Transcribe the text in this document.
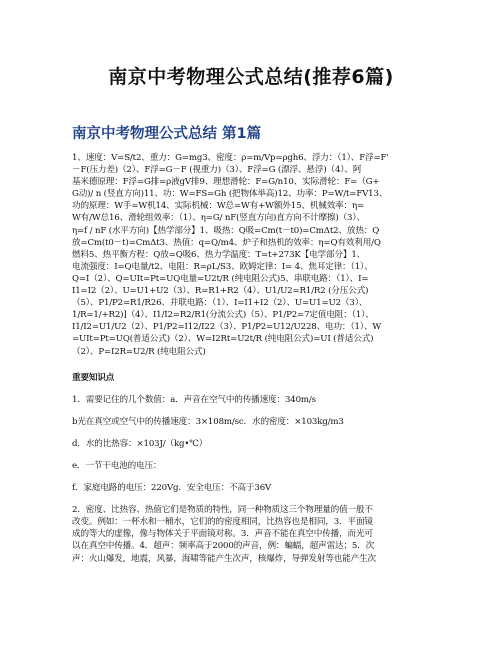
南京中考物理公式总结(推荐6篇)
南京中考物理公式总结 第1篇

1、速度：V=S/t2、重力：G=mg3、密度：ρ=m/Vp=ρgh6、浮力：（1）、F浮=F'

－F(压力差)（2）、F浮=G－F (视重力)（3）、F浮=G (漂浮、悬浮)（4）、阿

基米德原理：F浮=G排=ρ液gV排9、理想滑轮：F=G/n10、实际滑轮：F=（G+

G动)/ n (竖直方向)11、功：W=FS=Gh (把物体举高)12、功率：P=W/t=FV13、

功的原理：W手=W机14、实际机械：W总=W有+W额外15、机械效率：η=

W有/W总16、滑轮组效率：（1）、η=G/ nF(竖直方向)直方向不计摩擦)（3）、

η=f / nF (水平方向)【热学部分】1、吸热：Q吸=Cm(t－t0)=CmΔt2、放热：Q

放=Cm(t0－t)=CmΔt3、热值：q=Q/m4、炉子和热机的效率：η=Q有效利用/Q

燃料5、热平衡方程：Q放=Q吸6、热力学温度：T=t+273K【电学部分】1、

电流强度：I=Q电量/t2、电阻：R=ρL/S3、欧姆定律：I= 4、焦耳定律：（1）、

Q=I（2）、Q=UIt=Pt=UQ电量=U2t/R (纯电阻公式)5、串联电路：（1）、I=

I1=I2（2）、U=U1+U2（3）、R=R1+R2（4）、U1/U2=R1/R2 (分压公式)

（5）、P1/P2=R1/R26、并联电路：（1）、I=I1+I2（2）、U=U1=U2（3）、

1/R=1/+R2)]（4）、I1/I2=R2/R1(分流公式)（5）、P1/P2=7定值电阻：（1）、

I1/I2=U1/U2（2）、P1/P2=I12/I22（3）、P1/P2=U12/U228、电功：（1）、W

=UIt=Pt=UQ(普适公式)（2）、W=I2Rt=U2t/R (纯电阻公式)=UI (普适公式)

（2）、P=I2R=U2/R (纯电阻公式)

重要知识点

1．需要记住的几个数值：a．声音在空气中的传播速度：340m/s

b光在真空或空气中的传播速度：3×108m/sc．水的密度：×103kg/m3

d．水的比热容：×103J/（kg•℃）

e．一节干电池的电压：

f．家庭电路的电压：220Vg．安全电压：不高于36V

2．密度、比热容、热值它们是物质的特性，同一种物质这三个物理量的值一般不

改变。例如：一杯水和一桶水，它们的的密度相同，比热容也是相同，3．平面镜

成的等大的虚像，像与物体关于平面镜对称。3．声音不能在真空中传播，而光可

以在真空中传播。4．超声：频率高于2000的声音，例：蝙蝠，超声雷达；5．次

声：火山爆发，地震，风暴，海啸等能产生次声，核爆炸，导弹发射等也能产生次
